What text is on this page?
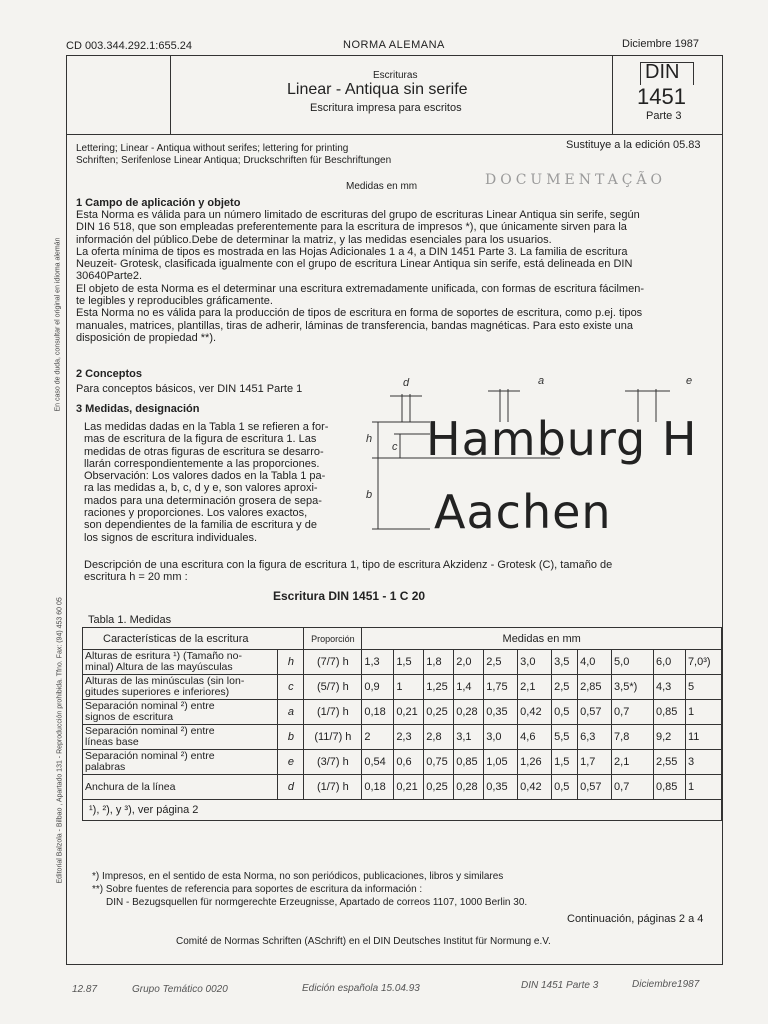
CD 003.344.292.1:655.24	NORMA ALEMANA	Diciembre 1987
Escrituras
Linear - Antiqua sin serife
Escritura impresa para escritos
DIN
1451
Parte 3
En caso de duda, consultar el original en idioma alemán
Editorial Balzola - Bilbao , Apartado 131 - Reproducción prohibida. Tfno. Fax: (94) 453 60 05
Lettering; Linear - Antiqua without serifes; lettering for printing
Schriften; Serifenlose Linear Antiqua; Druckschriften für Beschriftungen
Sustituye a la edición 05.83
Medidas en mm	DOCUMENTAÇÃO
1 Campo de aplicación y objeto
Esta Norma es válida para un número limitado de escrituras del grupo de escrituras Linear Antiqua sin serife, según
DIN 16 518, que son empleadas preferentemente para la escritura de impresos *), que únicamente sirven para la
información del público.Debe de determinar la matriz, y las medidas esenciales para los usuarios.
La oferta mínima de tipos es mostrada en las Hojas Adicionales 1 a 4, a DIN 1451 Parte 3. La familia de escritura
Neuzeit- Grotesk, clasificada igualmente con el grupo de escritura Linear Antiqua sin serife, está delineada en DIN
30640Parte2.
El objeto de esta Norma es el determinar una escritura extremadamente unificada, con formas de escritura fácilmen-
te legibles y reproducibles gráficamente.
Esta Norma no es válida para la producción de tipos de escritura en forma de soportes de escritura, como p.ej. tipos
manuales, matrices, plantillas, tiras de adherir, láminas de transferencia, bandas magnéticas. Para esto existe una
disposición de propiedad **).
2 Conceptos
Para conceptos básicos, ver DIN 1451 Parte 1
3 Medidas, designación
Las medidas dadas en la Tabla 1 se refieren a for-
mas de escritura de la figura de escritura 1. Las
medidas de otras figuras de escritura se desarro-
llarán correspondientemente a las proporciones.
Observación: Los valores dados en la Tabla 1 pa-
ra las medidas a, b, c, d y e, son valores aproxi-
mados para una determinación grosera de sepa-
raciones y proporciones. Los valores exactos,
son dependientes de la familia de escritura y de
los signos de escritura individuales.
d	a	e
h
c
b
Hamburg H
Aachen
Descripción de una escritura con la figura de escritura 1, tipo de escritura Akzidenz - Grotesk (C), tamaño de
escritura h = 20 mm :
Escritura DIN 1451 - 1 C 20
Tabla 1. Medidas
Características de la escritura		Proporción	Medidas en mm										

Alturas de esritura ¹) (Tamaño no-
minal) Altura de las mayúsculas	h	(7/7) h	1,3	1,5	1,8	2,0	2,5	3,0	3,5	4,0	5,0	6,0	7,0³)

Alturas de las minúsculas (sin lon-
gitudes superiores e inferiores)	c	(5/7) h	0,9	1	1,25	1,4	1,75	2,1	2,5	2,85	3,5*)	4,3	5

Separación nominal ²) entre
signos de escritura	a	(1/7) h	0,18	0,21	0,25	0,28	0,35	0,42	0,5	0,57	0,7	0,85	1

Separación nominal ²) entre
líneas base	b	(11/7) h	2	2,3	2,8	3,1	3,0	4,6	5,5	6,3	7,8	9,2	11

Separación nominal ²) entre
palabras	e	(3/7) h	0,54	0,6	0,75	0,85	1,05	1,26	1,5	1,7	2,1	2,55	3

Anchura de la línea	d	(1/7) h	0,18	0,21	0,25	0,28	0,35	0,42	0,5	0,57	0,7	0,85	1
¹), ²), y ³), ver página 2													
*) Impresos, en el sentido de esta Norma, no son periódicos, publicaciones, libros y similares
**) Sobre fuentes de referencia para soportes de escritura da información :
DIN - Bezugsquellen für normgerechte Erzeugnisse, Apartado de correos 1107, 1000 Berlin 30.
Continuación, páginas 2 a 4
Comité de Normas Schriften (ASchrift) en el DIN Deutsches Institut für Normung e.V.
12.87	Grupo Temático 0020	Edición española 15.04.93	DIN 1451 Parte 3	Diciembre1987
